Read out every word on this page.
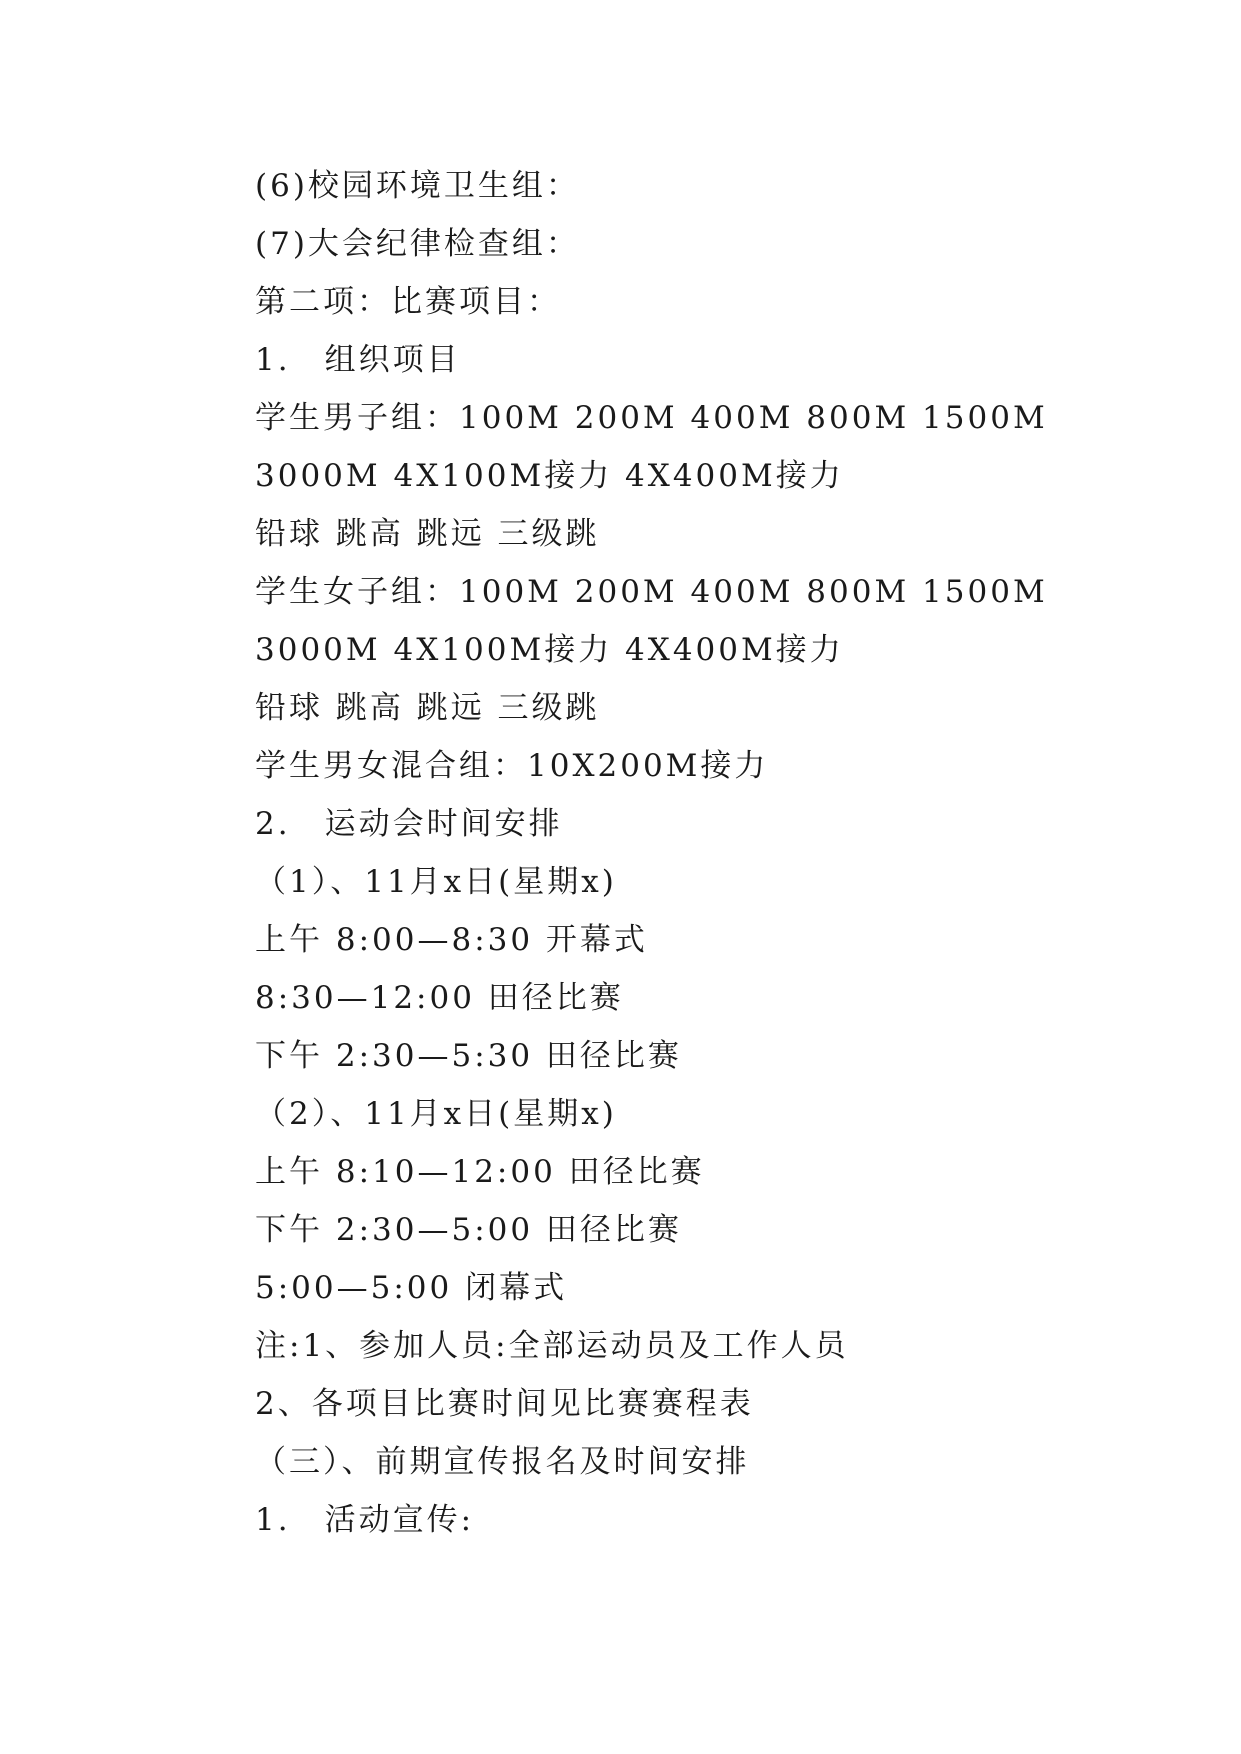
(6)校园环境卫生组：
(7)大会纪律检查组：
第二项：比赛项目：
1.　组织项目
学生男子组：100M 200M 400M 800M 1500M
3000M 4X100M接力 4X400M接力
铅球 跳高 跳远 三级跳
学生女子组：100M 200M 400M 800M 1500M
3000M 4X100M接力 4X400M接力
铅球 跳高 跳远 三级跳
学生男女混合组：10X200M接力
2.　运动会时间安排
（1）、11月x日(星期x)
上午 8:00—8:30 开幕式
8:30—12:00 田径比赛
下午 2:30—5:30 田径比赛
（2）、11月x日(星期x)
上午 8:10—12:00 田径比赛
下午 2:30—5:00 田径比赛
5:00—5:00 闭幕式
注:1、参加人员:全部运动员及工作人员
2、各项目比赛时间见比赛赛程表
（三）、前期宣传报名及时间安排
1.　活动宣传:
